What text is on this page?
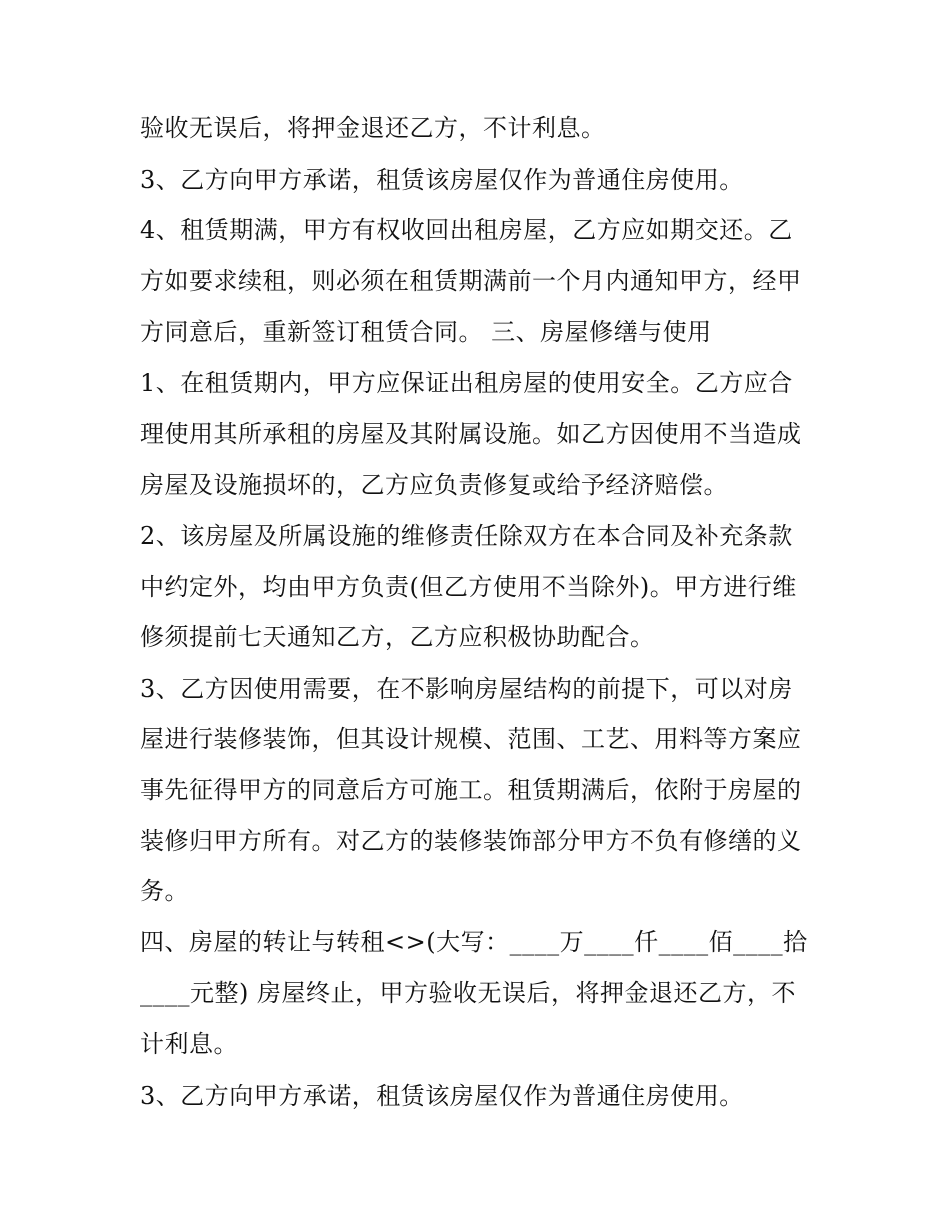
验收无误后，将押金退还乙方，不计利息。

3、乙方向甲方承诺，租赁该房屋仅作为普通住房使用。

4、租赁期满，甲方有权收回出租房屋，乙方应如期交还。乙

方如要求续租，则必须在租赁期满前一个月内通知甲方，经甲

方同意后，重新签订租赁合同。 三、房屋修缮与使用

1、在租赁期内，甲方应保证出租房屋的使用安全。乙方应合

理使用其所承租的房屋及其附属设施。如乙方因使用不当造成

房屋及设施损坏的，乙方应负责修复或给予经济赔偿。

2、该房屋及所属设施的维修责任除双方在本合同及补充条款

中约定外，均由甲方负责(但乙方使用不当除外)。甲方进行维

修须提前七天通知乙方，乙方应积极协助配合。

3、乙方因使用需要，在不影响房屋结构的前提下，可以对房

屋进行装修装饰，但其设计规模、范围、工艺、用料等方案应

事先征得甲方的同意后方可施工。租赁期满后，依附于房屋的

装修归甲方所有。对乙方的装修装饰部分甲方不负有修缮的义

务。

四、房屋的转让与转租<>(大写：____万____仟____佰____拾

____元整) 房屋终止，甲方验收无误后，将押金退还乙方，不

计利息。

3、乙方向甲方承诺，租赁该房屋仅作为普通住房使用。
